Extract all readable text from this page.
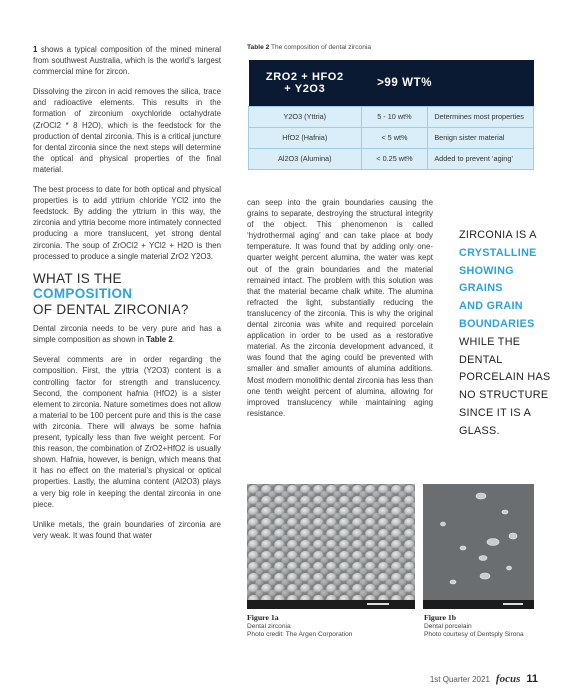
1 shows a typical composition of the mined mineral from southwest Australia, which is the world’s largest commercial mine for zircon.

Dissolving the zircon in acid removes the silica, trace and radioactive elements. This results in the formation of zirconium oxychloride octahydrate (ZrOCl2 * 8 H2O), which is the feedstock for the production of dental zirconia. This is a critical juncture for dental zirconia since the next steps will determine the optical and physical properties of the final material.

The best process to date for both optical and physical properties is to add yttrium chloride YCl2 into the feedstock. By adding the yttrium in this way, the zirconia and yttria become more intimately connected producing a more translucent, yet strong dental zirconia. The soup of ZrOCl2 + YCl2 + H2O is then processed to produce a single material ZrO2 Y2O3.

WHAT IS THE COMPOSITION
OF DENTAL ZIRCONIA?

Dental zirconia needs to be very pure and has a simple composition as shown in Table 2.

Several comments are in order regarding the composition. First, the yttria (Y2O3) content is a controlling factor for strength and translucency. Second, the component hafnia (HfO2) is a sister element to zirconia. Nature sometimes does not allow a material to be 100 percent pure and this is the case with zirconia. There will always be some hafnia present, typically less than five weight percent. For this reason, the combination of ZrO2+HfO2 is usually shown. Hafnia, however, is benign, which means that it has no effect on the material’s physical or optical properties. Lastly, the alumina content (Al2O3) plays a very big role in keeping the dental zirconia in one piece.

Unlike metals, the grain boundaries of zirconia are very weak. It was found that water

Table 2 The composition of dental zirconia
ZRO2 + HFO2
+ Y2O3	>99 WT%	
Y2O3 (Yttria)	5 - 10 wt%	Determines most properties
HfO2 (Hafnia)	< 5 wt%	Benign sister material
Al2O3 (Alumina)	< 0.25 wt%	Added to prevent ‘aging’
can seep into the grain boundaries causing the grains to separate, destroying the structural integrity of the object. This phenomenon is called ‘hydrothermal aging’ and can take place at body temperature. It was found that by adding only one-quarter weight percent alumina, the water was kept out of the grain boundaries and the material remained intact. The problem with this solution was that the material became chalk white. The alumina refracted the light, substantially reducing the translucency of the zirconia. This is why the original dental zirconia was white and required porcelain application in order to be used as a restorative material. As the zirconia development advanced, it was found that the aging could be prevented with smaller and smaller amounts of alumina additions. Most modern monolithic dental zirconia has less than one tenth weight percent of alumina, allowing for improved translucency while maintaining aging resistance.
ZIRCONIA IS A
CRYSTALLINE
SHOWING
GRAINS
AND GRAIN
BOUNDARIES
WHILE THE
DENTAL
PORCELAIN HAS
NO STRUCTURE
SINCE IT IS A
GLASS.
Figure 1a
Dental zirconia
Photo credit: The Argen Corporation
Figure 1b
Dental porcelain
Photo courtesy of Dentsply Sirona
1st Quarter 2021 focus 11
